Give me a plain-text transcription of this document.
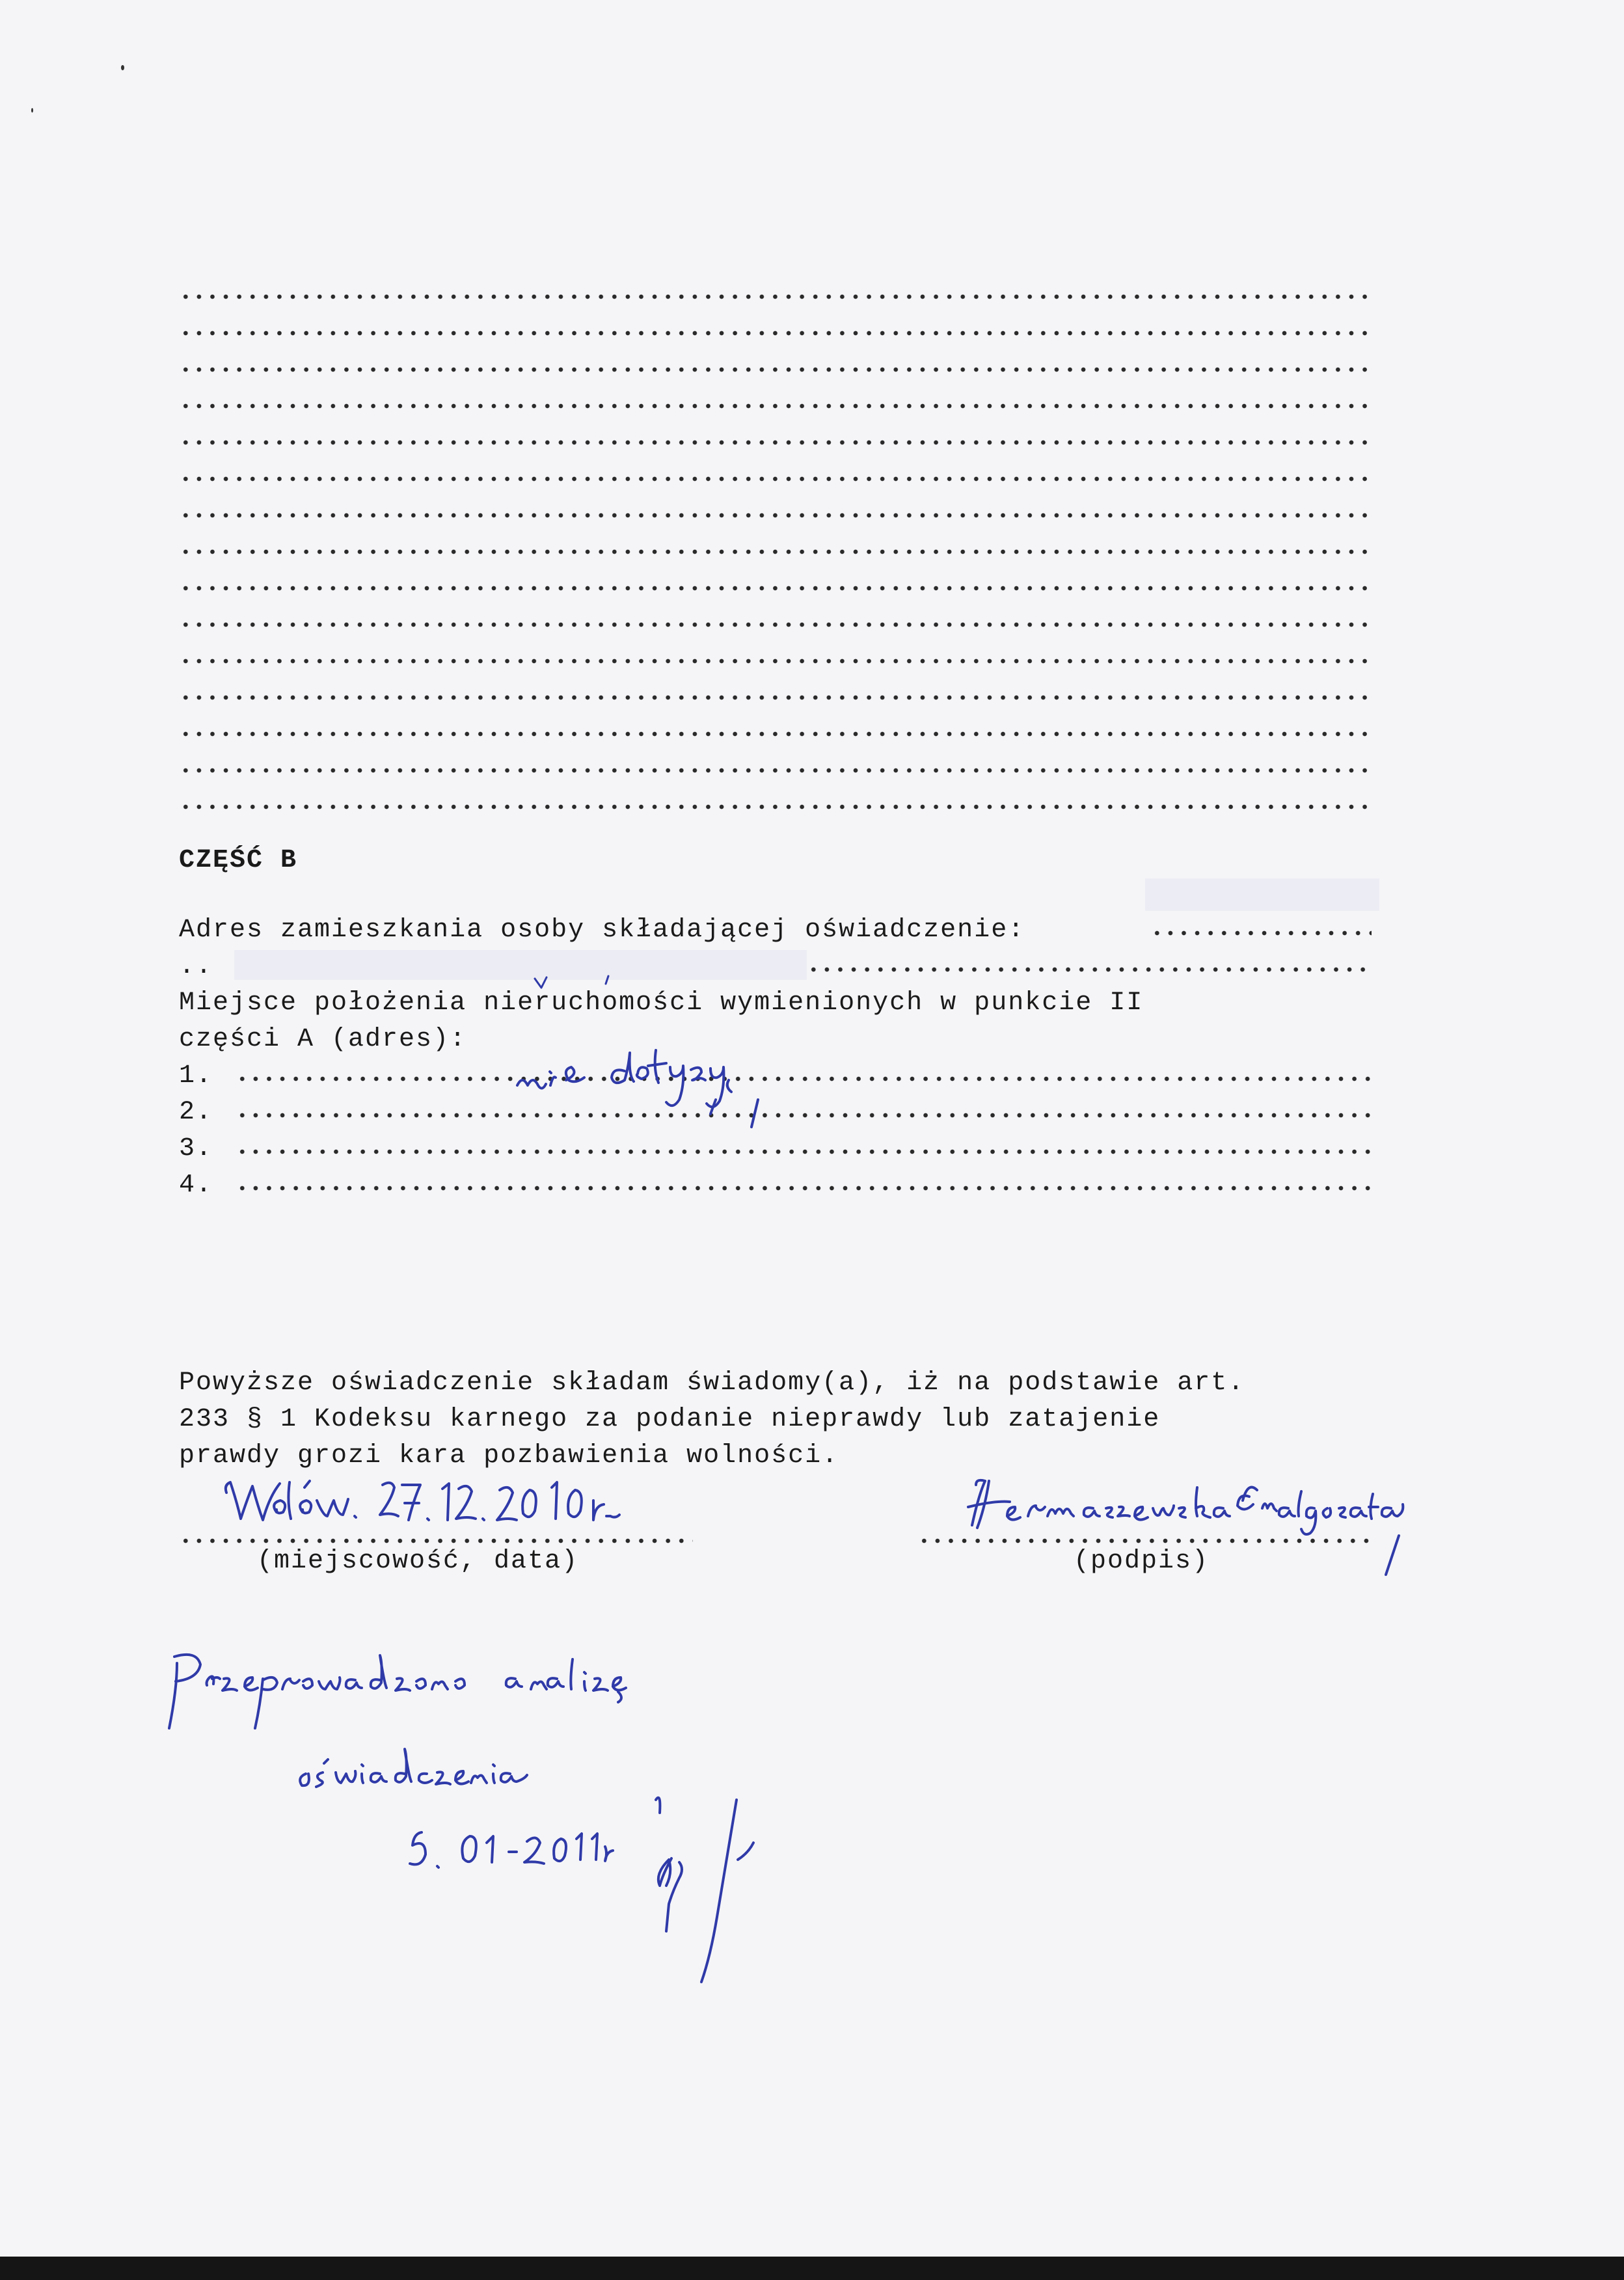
CZĘŚĆ B
Adres zamieszkania osoby składającej oświadczenie:
..
Miejsce położenia nieruchomości wymienionych w punkcie II
części A (adres):
1.
2.
3.
4.
Powyższe oświadczenie składam świadomy(a), iż na podstawie art.
233 § 1 Kodeksu karnego za podanie nieprawdy lub zatajenie
prawdy grozi kara pozbawienia wolności.
(miejscowość, data)	(podpis)
